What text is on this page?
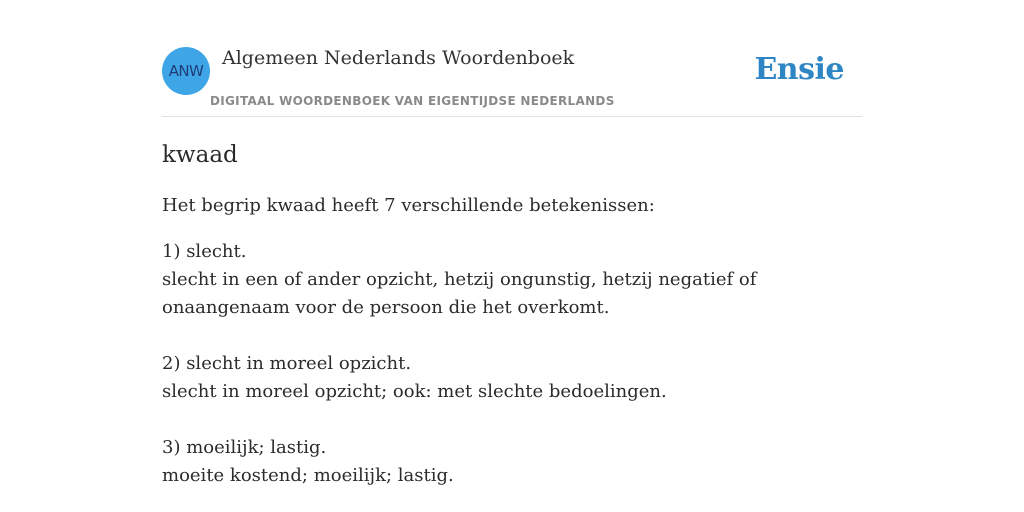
ANW
Algemeen Nederlands Woordenboek
DIGITAAL WOORDENBOEK VAN EIGENTIJDSE NEDERLANDS
Ensie
kwaad

Het begrip kwaad heeft 7 verschillende betekenissen:

1) slecht.

slecht in een of ander opzicht, hetzij ongunstig, hetzij negatief of onaangenaam voor de persoon die het overkomt.

2) slecht in moreel opzicht.

slecht in moreel opzicht; ook: met slechte bedoelingen.

3) moeilijk; lastig.

moeite kostend; moeilijk; lastig.
